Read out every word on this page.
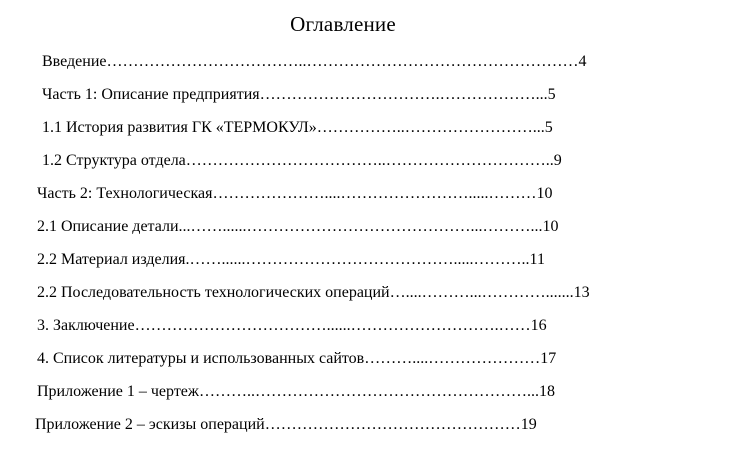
Оглавление
Введение………………………………..……………………………………………4
Часть 1: Описание предприятия…………………………….………………...5
1.1 История развития ГК «ТЕРМОКУЛ»……………..……………………...5
1.2 Структура отдела………………………………..…………………………..9
Часть 2: Технологическая…………………....…………………….....………10
2.1 Описание детали...……......……………………………………...………...10
2.2 Материал изделия.……......………………………………….....………..11
2.2 Последовательность технологических операций…....………...………….......13
3. Заключение………………………………......……………………….……16
4. Список литературы и использованных сайтов………....…………………17
Приложение 1 – чертеж………..……………………………………………...18
Приложение 2 – эскизы операций…………………………………………19
